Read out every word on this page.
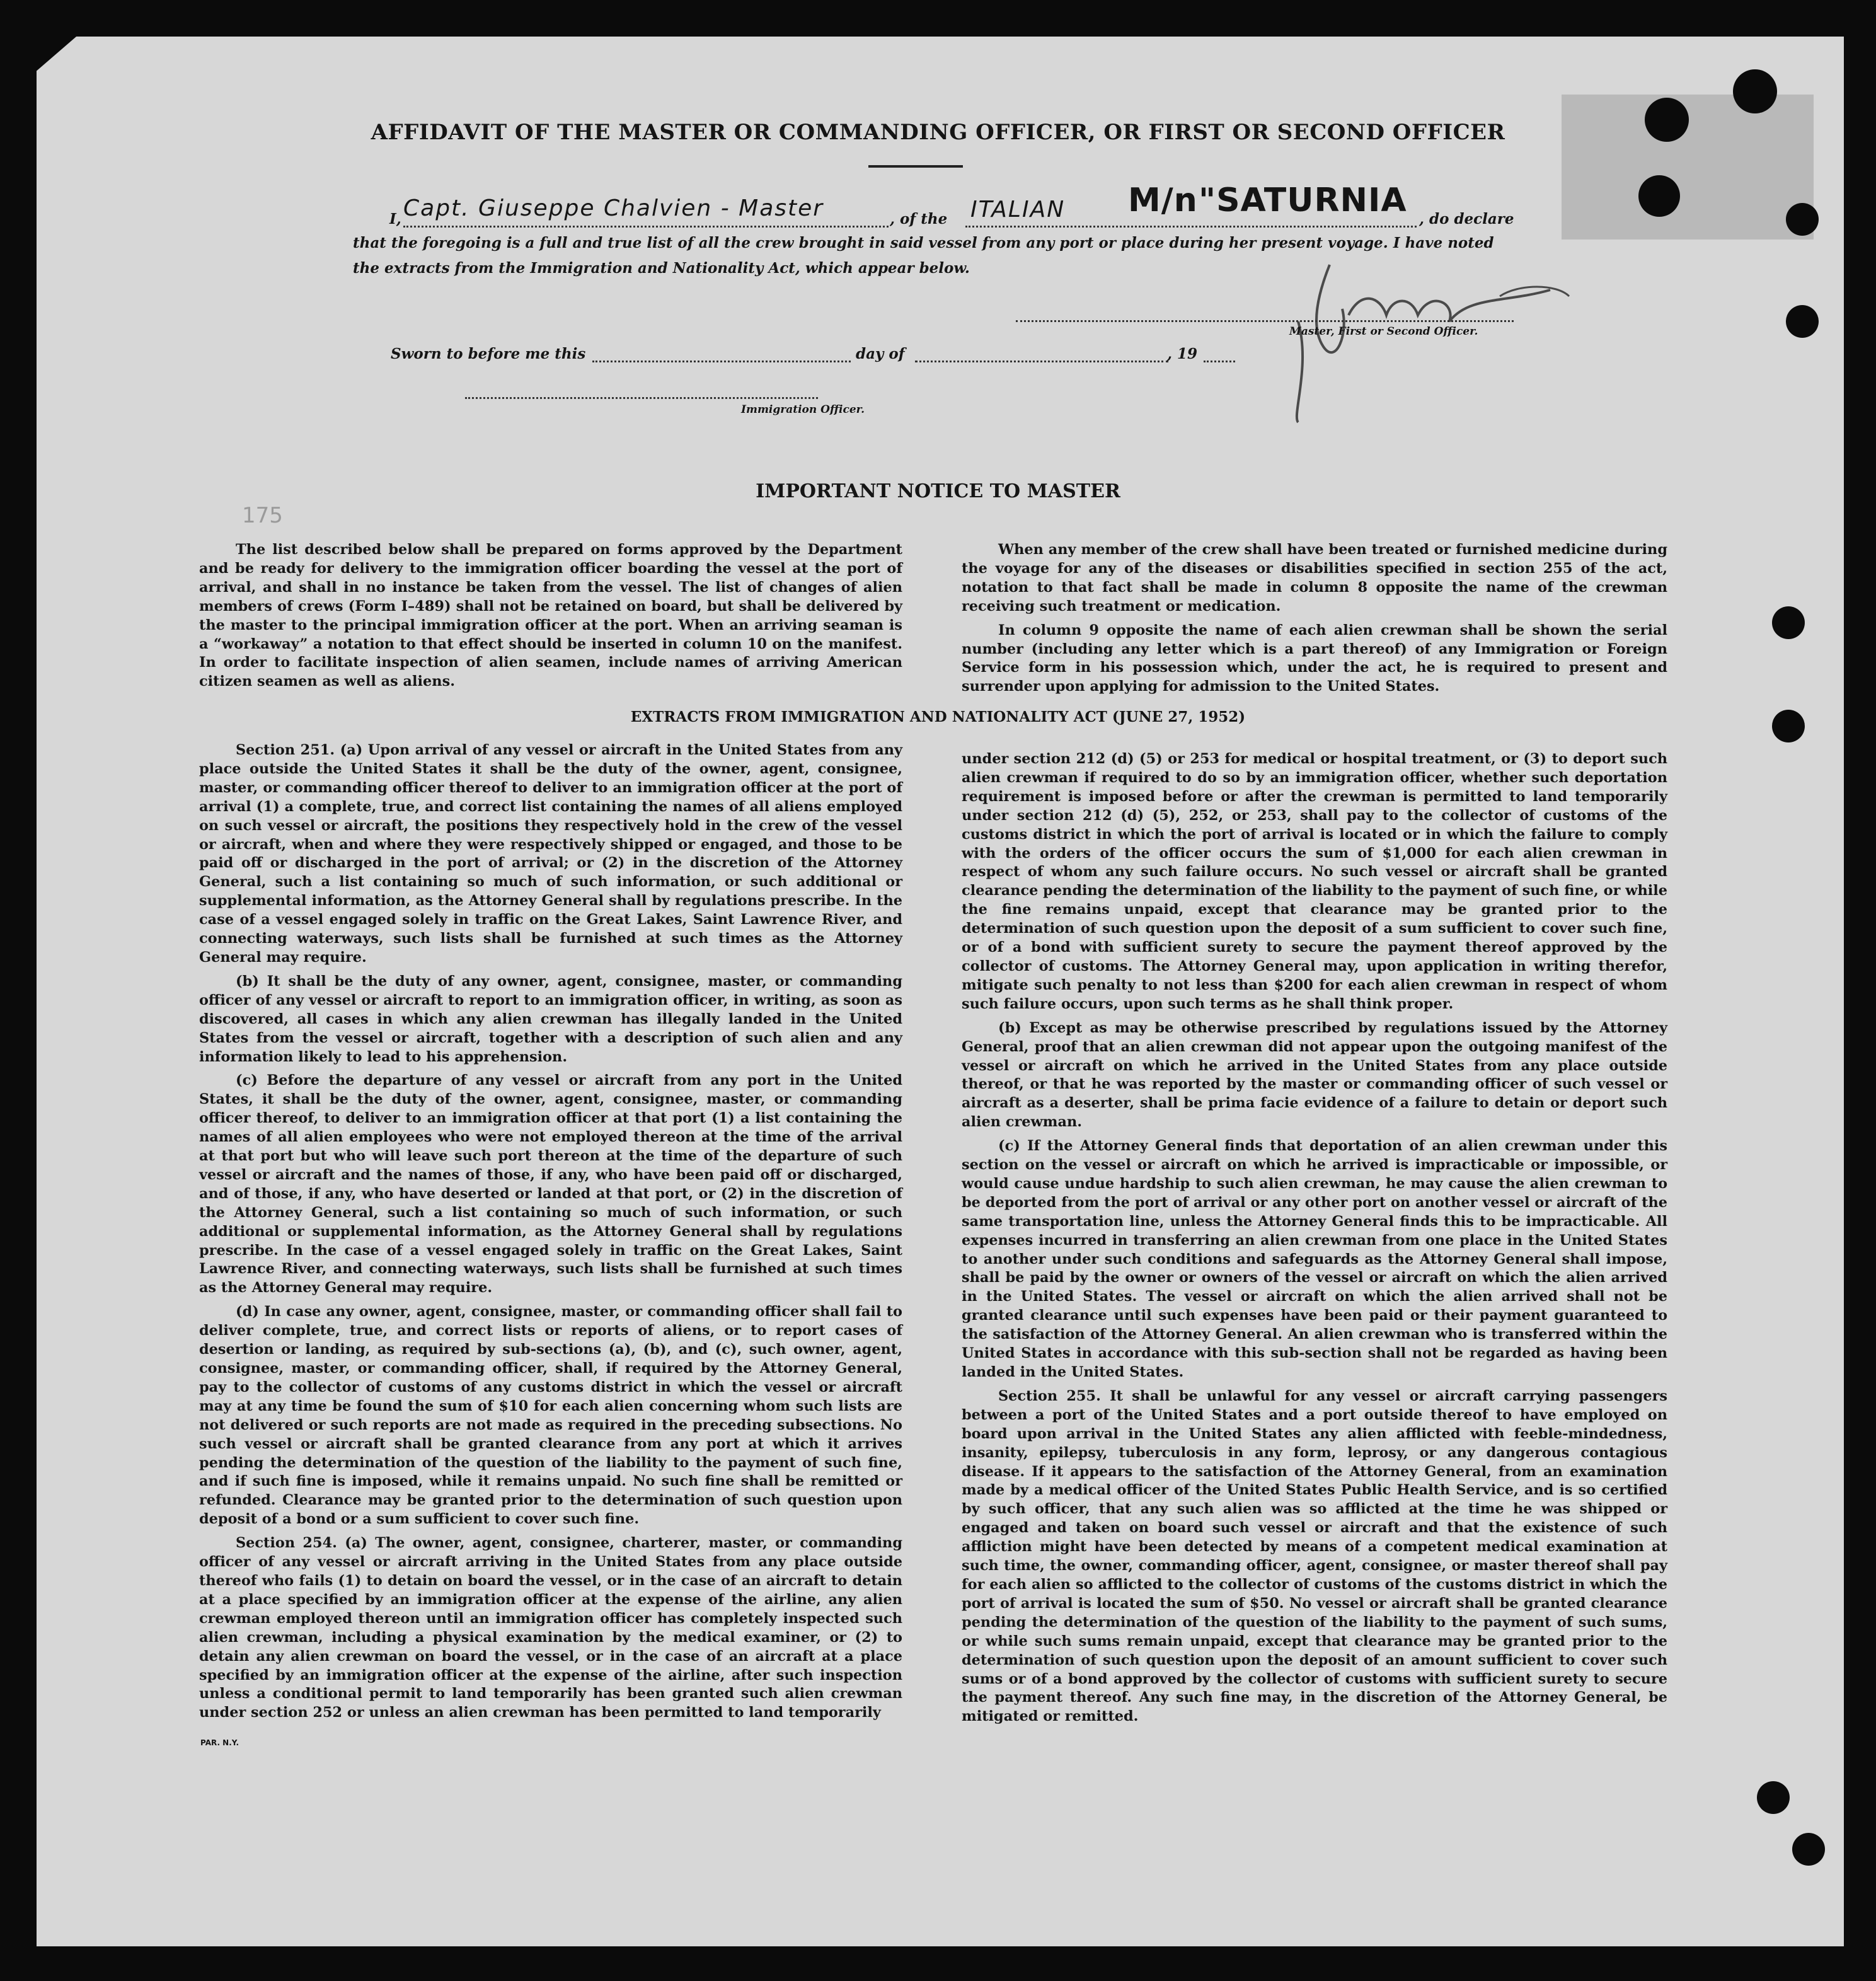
AFFIDAVIT OF THE MASTER OR COMMANDING OFFICER, OR FIRST OR SECOND OFFICER
I, Capt. Giuseppe Chalvien - Master	, of the ITALIAN M/n "SATURNIA , do declare
that the foregoing is a full and true list of all the crew brought in said vessel from any port or place during her present voyage. I have noted
the extracts from the Immigration and Nationality Act, which appear below.
Master, First or Second Officer.
Sworn to before me this	day of	, 19
Immigration Officer.
175
IMPORTANT NOTICE TO MASTER

The list described below shall be prepared on forms approved by the Department and be ready for delivery to the immigration officer boarding the vessel at the port of arrival, and shall in no instance be taken from the vessel. The list of changes of alien members of crews (Form I–489) shall not be retained on board, but shall be delivered by the master to the principal immigration officer at the port. When an arriving seaman is a “workaway” a notation to that effect should be inserted in column 10 on the manifest. In order to facilitate inspection of alien seamen, include names of arriving American citizen seamen as well as aliens.

When any member of the crew shall have been treated or furnished medicine during the voyage for any of the diseases or disabilities specified in section 255 of the act, notation to that fact shall be made in column 8 opposite the name of the crewman receiving such treatment or medication.

In column 9 opposite the name of each alien crewman shall be shown the serial number (including any letter which is a part thereof) of any Immigration or Foreign Service form in his possession which, under the act, he is required to present and surrender upon applying for admission to the United States.

EXTRACTS FROM IMMIGRATION AND NATIONALITY ACT (JUNE 27, 1952)

Section 251. (a) Upon arrival of any vessel or aircraft in the United States from any place outside the United States it shall be the duty of the owner, agent, consignee, master, or commanding officer thereof to deliver to an immigration officer at the port of arrival (1) a complete, true, and correct list containing the names of all aliens employed on such vessel or aircraft, the positions they respectively hold in the crew of the vessel or aircraft, when and where they were respectively shipped or engaged, and those to be paid off or discharged in the port of arrival; or (2) in the discretion of the Attorney General, such a list containing so much of such information, or such additional or supplemental information, as the Attorney General shall by regulations prescribe. In the case of a vessel engaged solely in traffic on the Great Lakes, Saint Lawrence River, and connecting waterways, such lists shall be furnished at such times as the Attorney General may require.

(b) It shall be the duty of any owner, agent, consignee, master, or commanding officer of any vessel or aircraft to report to an immigration officer, in writing, as soon as discovered, all cases in which any alien crewman has illegally landed in the United States from the vessel or aircraft, together with a description of such alien and any information likely to lead to his apprehension.

(c) Before the departure of any vessel or aircraft from any port in the United States, it shall be the duty of the owner, agent, consignee, master, or commanding officer thereof, to deliver to an immigration officer at that port (1) a list containing the names of all alien employees who were not employed thereon at the time of the arrival at that port but who will leave such port thereon at the time of the departure of such vessel or aircraft and the names of those, if any, who have been paid off or discharged, and of those, if any, who have deserted or landed at that port, or (2) in the discretion of the Attorney General, such a list containing so much of such information, or such additional or supplemental information, as the Attorney General shall by regulations prescribe. In the case of a vessel engaged solely in traffic on the Great Lakes, Saint Lawrence River, and connecting waterways, such lists shall be furnished at such times as the Attorney General may require.

(d) In case any owner, agent, consignee, master, or commanding officer shall fail to deliver complete, true, and correct lists or reports of aliens, or to report cases of desertion or landing, as required by sub-sections (a), (b), and (c), such owner, agent, consignee, master, or commanding officer, shall, if required by the Attorney General, pay to the collector of customs of any customs district in which the vessel or aircraft may at any time be found the sum of $10 for each alien concerning whom such lists are not delivered or such reports are not made as required in the preceding subsections. No such vessel or aircraft shall be granted clearance from any port at which it arrives pending the determination of the question of the liability to the payment of such fine, and if such fine is imposed, while it remains unpaid. No such fine shall be remitted or refunded. Clearance may be granted prior to the determination of such question upon deposit of a bond or a sum sufficient to cover such fine.

Section 254. (a) The owner, agent, consignee, charterer, master, or commanding officer of any vessel or aircraft arriving in the United States from any place outside thereof who fails (1) to detain on board the vessel, or in the case of an aircraft to detain at a place specified by an immigration officer at the expense of the airline, any alien crewman employed thereon until an immigration officer has completely inspected such alien crewman, including a physical examination by the medical examiner, or (2) to detain any alien crewman on board the vessel, or in the case of an aircraft at a place specified by an immigration officer at the expense of the airline, after such inspection unless a conditional permit to land temporarily has been granted such alien crewman under section 252 or unless an alien crewman has been permitted to land temporarily

under section 212 (d) (5) or 253 for medical or hospital treatment, or (3) to deport such alien crewman if required to do so by an immigration officer, whether such deportation requirement is imposed before or after the crewman is permitted to land temporarily under section 212 (d) (5), 252, or 253, shall pay to the collector of customs of the customs district in which the port of arrival is located or in which the failure to comply with the orders of the officer occurs the sum of $1,000 for each alien crewman in respect of whom any such failure occurs. No such vessel or aircraft shall be granted clearance pending the determination of the liability to the payment of such fine, or while the fine remains unpaid, except that clearance may be granted prior to the determination of such question upon the deposit of a sum sufficient to cover such fine, or of a bond with sufficient surety to secure the payment thereof approved by the collector of customs. The Attorney General may, upon application in writing therefor, mitigate such penalty to not less than $200 for each alien crewman in respect of whom such failure occurs, upon such terms as he shall think proper.

(b) Except as may be otherwise prescribed by regulations issued by the Attorney General, proof that an alien crewman did not appear upon the outgoing manifest of the vessel or aircraft on which he arrived in the United States from any place outside thereof, or that he was reported by the master or commanding officer of such vessel or aircraft as a deserter, shall be prima facie evidence of a failure to detain or deport such alien crewman.

(c) If the Attorney General finds that deportation of an alien crewman under this section on the vessel or aircraft on which he arrived is impracticable or impossible, or would cause undue hardship to such alien crewman, he may cause the alien crewman to be deported from the port of arrival or any other port on another vessel or aircraft of the same transportation line, unless the Attorney General finds this to be impracticable. All expenses incurred in transferring an alien crewman from one place in the United States to another under such conditions and safeguards as the Attorney General shall impose, shall be paid by the owner or owners of the vessel or aircraft on which the alien arrived in the United States. The vessel or aircraft on which the alien arrived shall not be granted clearance until such expenses have been paid or their payment guaranteed to the satisfaction of the Attorney General. An alien crewman who is transferred within the United States in accordance with this sub-section shall not be regarded as having been landed in the United States.

Section 255. It shall be unlawful for any vessel or aircraft carrying passengers between a port of the United States and a port outside thereof to have employed on board upon arrival in the United States any alien afflicted with feeble-mindedness, insanity, epilepsy, tuberculosis in any form, leprosy, or any dangerous contagious disease. If it appears to the satisfaction of the Attorney General, from an examination made by a medical officer of the United States Public Health Service, and is so certified by such officer, that any such alien was so afflicted at the time he was shipped or engaged and taken on board such vessel or aircraft and that the existence of such affliction might have been detected by means of a competent medical examination at such time, the owner, commanding officer, agent, consignee, or master thereof shall pay for each alien so afflicted to the collector of customs of the customs district in which the port of arrival is located the sum of $50. No vessel or aircraft shall be granted clearance pending the determination of the question of the liability to the payment of such sums, or while such sums remain unpaid, except that clearance may be granted prior to the determination of such question upon the deposit of an amount sufficient to cover such sums or of a bond approved by the collector of customs with sufficient surety to secure the payment thereof. Any such fine may, in the discretion of the Attorney General, be mitigated or remitted.

PAR. N.Y.
